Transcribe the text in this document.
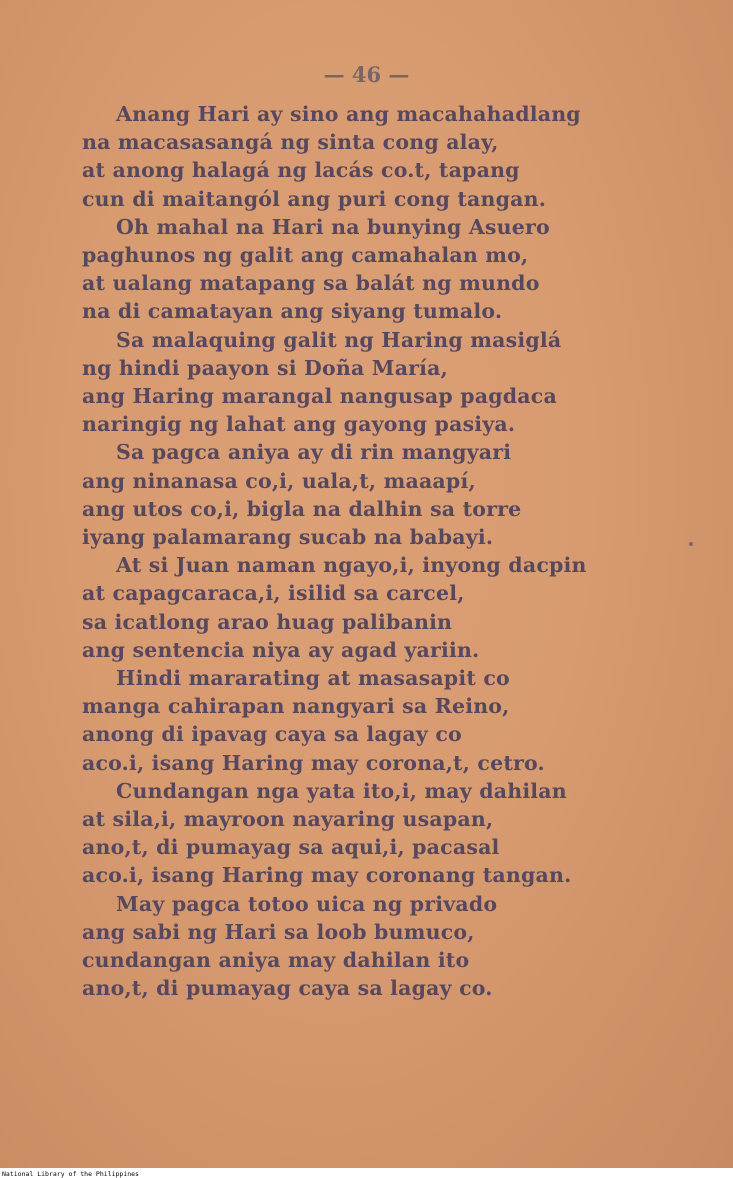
— 46 —
Anang Hari ay sino ang macahahadlang
na macasasangá ng sinta cong alay,
at anong halagá ng lacás co.t, tapang
cun di maitangól ang puri cong tangan.
Oh mahal na Hari na bunying Asuero
paghunos ng galit ang camahalan mo,
at ualang matapang sa balát ng mundo
na di camatayan ang siyang tumalo.
Sa malaquing galit ng Haring masiglá
ng hindi paayon si Doña María,
ang Haring marangal nangusap pagdaca
naringig ng lahat ang gayong pasiya.
Sa pagca aniya ay di rin mangyari
ang ninanasa co,i, uala,t, maaapí,
ang utos co,i, bigla na dalhin sa torre
iyang palamarang sucab na babayi.
At si Juan naman ngayo,i, inyong dacpin
at capagcaraca,i, isilid sa carcel,
sa icatlong arao huag palibanin
ang sentencia niya ay agad yariin.
Hindi mararating at masasapit co
manga cahirapan nangyari sa Reino,
anong di ipavag caya sa lagay co
aco.i, isang Haring may corona,t, cetro.
Cundangan nga yata ito,i, may dahilan
at sila,i, mayroon nayaring usapan,
ano,t, di pumayag sa aqui,i, pacasal
aco.i, isang Haring may coronang tangan.
May pagca totoo uica ng privado
ang sabi ng Hari sa loob bumuco,
cundangan aniya may dahilan ito
ano,t, di pumayag caya sa lagay co.
National Library of the Philippines
